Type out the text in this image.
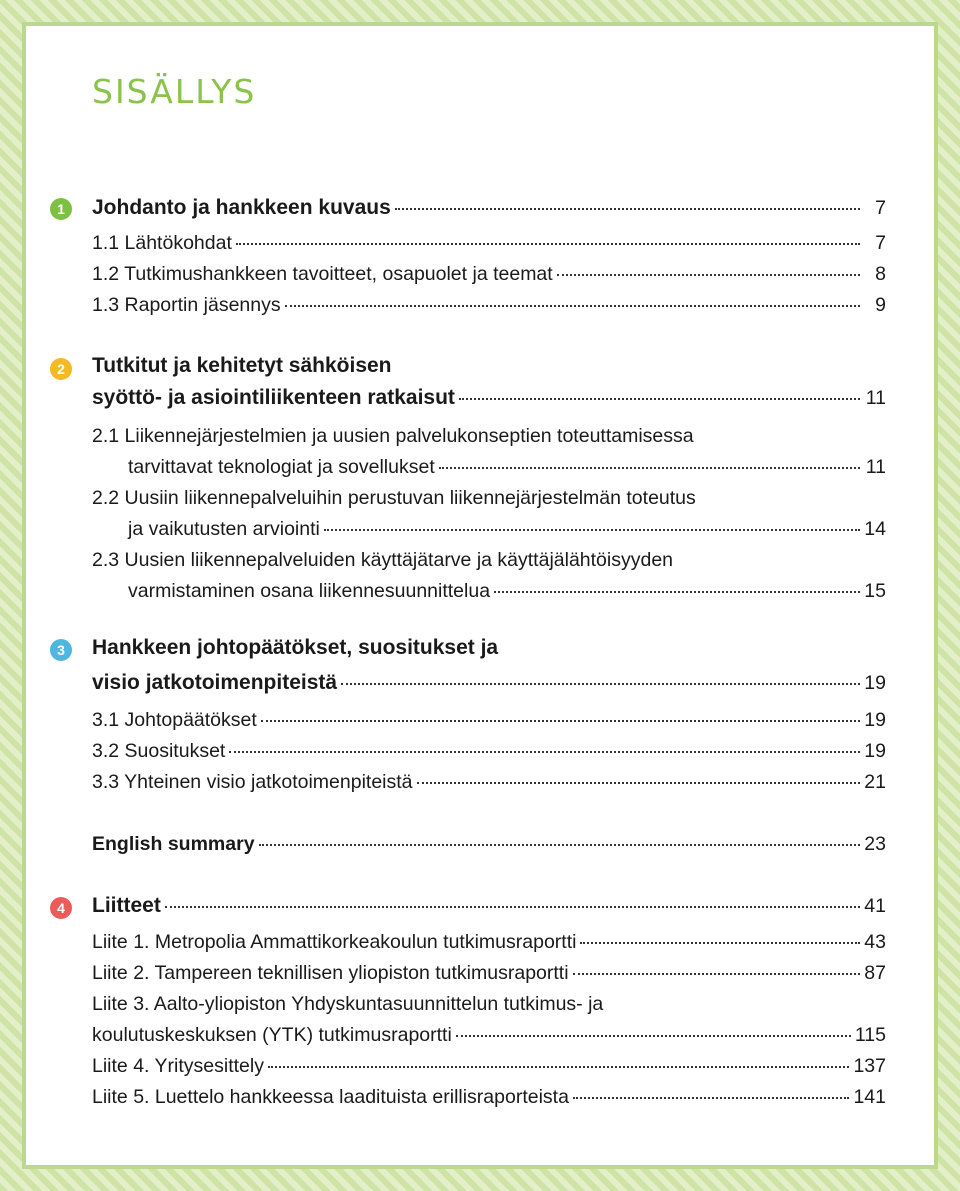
SISÄLLYS
1	Johdanto ja hankkeen kuvaus	7
1.1 Lähtökohdat	7
1.2 Tutkimushankkeen tavoitteet, osapuolet ja teemat	8
1.3 Raportin jäsennys	9
2	Tutkitut ja kehitetyt sähköisen
syöttö- ja asiointiliikenteen ratkaisut	11
2.1 Liikennejärjestelmien ja uusien palvelukonseptien toteuttamisessa
tarvittavat teknologiat ja sovellukset	11
2.2 Uusiin liikennepalveluihin perustuvan liikennejärjestelmän toteutus
ja vaikutusten arviointi	14
2.3 Uusien liikennepalveluiden käyttäjätarve ja käyttäjälähtöisyyden
varmistaminen osana liikennesuunnittelua	15
3	Hankkeen johtopäätökset, suositukset ja
visio jatkotoimenpiteistä	19
3.1 Johtopäätökset	19
3.2 Suositukset	19
3.3 Yhteinen visio jatkotoimenpiteistä	21
English summary	23
4	Liitteet	41
Liite 1. Metropolia Ammattikorkeakoulun tutkimusraportti	43
Liite 2. Tampereen teknillisen yliopiston tutkimusraportti	87
Liite 3. Aalto-yliopiston Yhdyskuntasuunnittelun tutkimus- ja
koulutuskeskuksen (YTK) tutkimusraportti	115
Liite 4. Yritysesittely	137
Liite 5. Luettelo hankkeessa laadituista erillisraporteista	141
